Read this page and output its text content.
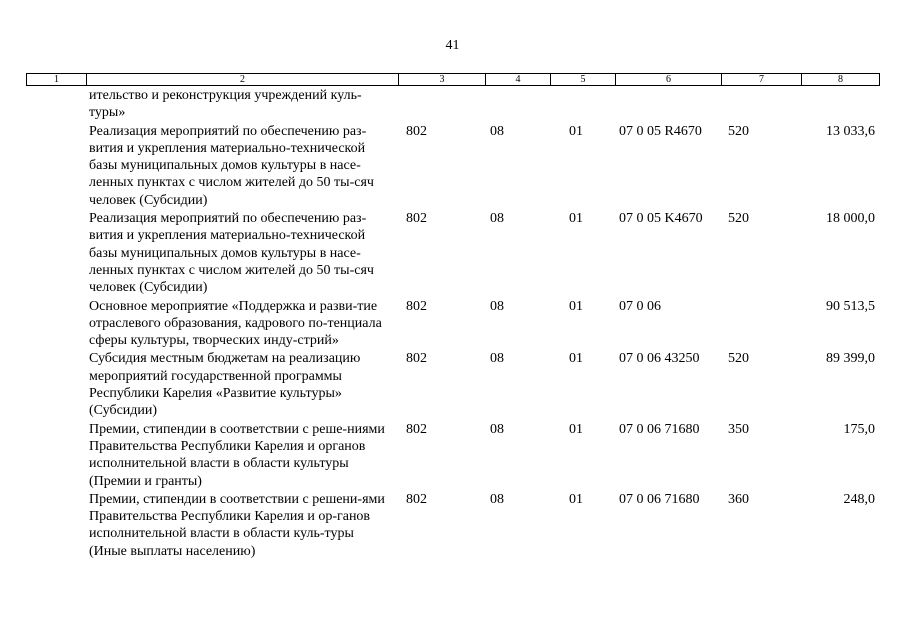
41
1	2	3	4	5	6	7	8
ительство и реконструкция учреждений куль-туры»						
Реализация мероприятий по обеспечению раз-вития и укрепления материально-технической базы муниципальных домов культуры в насе-ленных пунктах с числом жителей до 50 ты-сяч человек (Субсидии)	802	08	01	07 0 05 R4670	520	13 033,6
Реализация мероприятий по обеспечению раз-вития и укрепления материально-технической базы муниципальных домов культуры в насе-ленных пунктах с числом жителей до 50 ты-сяч человек (Субсидии)	802	08	01	07 0 05 K4670	520	18 000,0
Основное мероприятие «Поддержка и разви-тие отраслевого образования, кадрового по-тенциала сферы культуры, творческих инду-стрий»	802	08	01	07 0 06		90 513,5
Субсидия местным бюджетам на реализацию мероприятий государственной программы Республики Карелия «Развитие культуры» (Субсидии)	802	08	01	07 0 06 43250	520	89 399,0
Премии, стипендии в соответствии с реше-ниями Правительства Республики Карелия и органов исполнительной власти в области культуры (Премии и гранты)	802	08	01	07 0 06 71680	350	175,0
Премии, стипендии в соответствии с решени-ями Правительства Республики Карелия и ор-ганов исполнительной власти в области куль-туры (Иные выплаты населению)	802	08	01	07 0 06 71680	360	248,0
